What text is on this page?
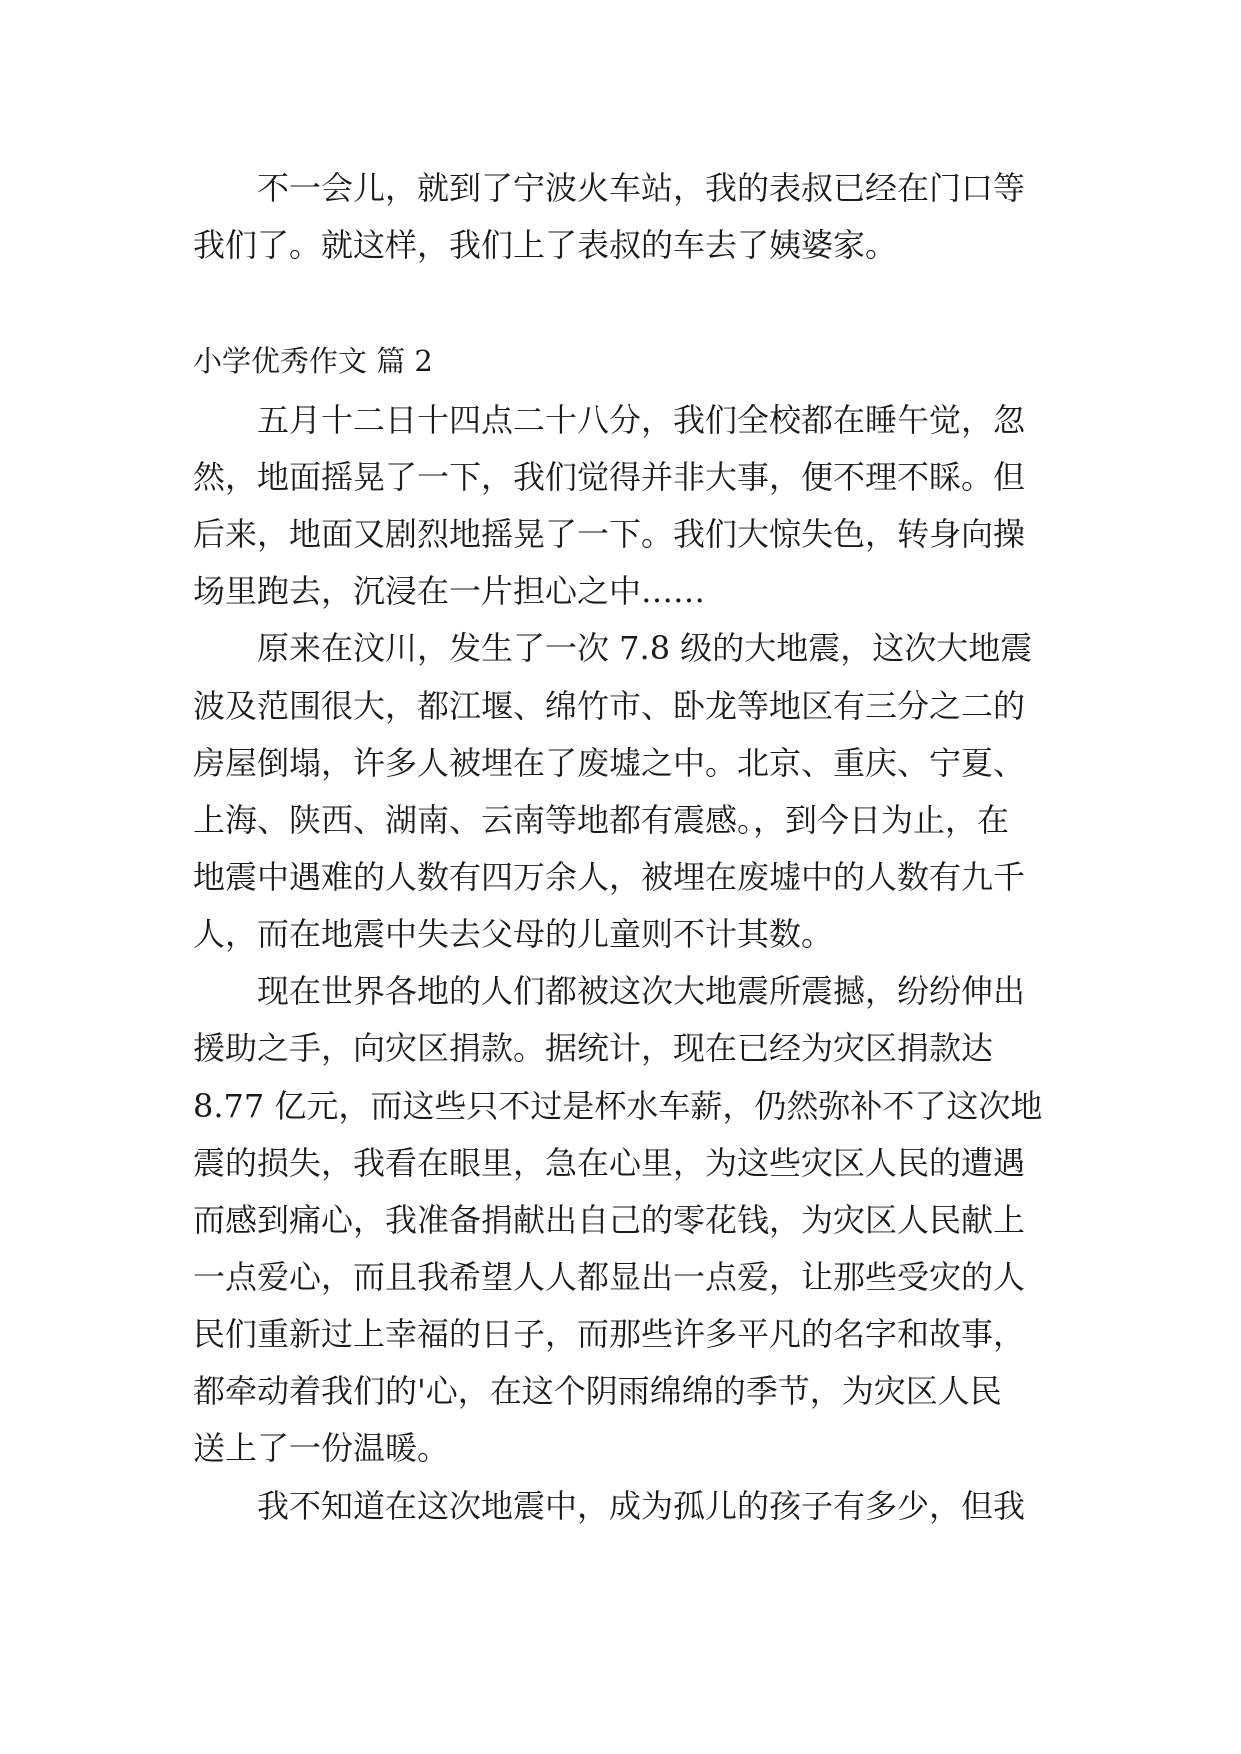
不一会儿，就到了宁波火车站，我的表叔已经在门口等

我们了。就这样，我们上了表叔的车去了姨婆家。

小学优秀作文 篇 2

五月十二日十四点二十八分，我们全校都在睡午觉，忽

然，地面摇晃了一下，我们觉得并非大事，便不理不睬。但

后来，地面又剧烈地摇晃了一下。我们大惊失色，转身向操

场里跑去，沉浸在一片担心之中……

原来在汶川，发生了一次 7.8 级的大地震，这次大地震

波及范围很大，都江堰、绵竹市、卧龙等地区有三分之二的

房屋倒塌，许多人被埋在了废墟之中。北京、重庆、宁夏、

上海、陕西、湖南、云南等地都有震感。，到今日为止，在

地震中遇难的人数有四万余人，被埋在废墟中的人数有九千

人，而在地震中失去父母的儿童则不计其数。

现在世界各地的人们都被这次大地震所震撼，纷纷伸出

援助之手，向灾区捐款。据统计，现在已经为灾区捐款达

8.77 亿元，而这些只不过是杯水车薪，仍然弥补不了这次地

震的损失，我看在眼里，急在心里，为这些灾区人民的遭遇

而感到痛心，我准备捐献出自己的零花钱，为灾区人民献上

一点爱心，而且我希望人人都显出一点爱，让那些受灾的人

民们重新过上幸福的日子，而那些许多平凡的名字和故事，

都牵动着我们的'心，在这个阴雨绵绵的季节，为灾区人民

送上了一份温暖。

我不知道在这次地震中，成为孤儿的孩子有多少，但我
